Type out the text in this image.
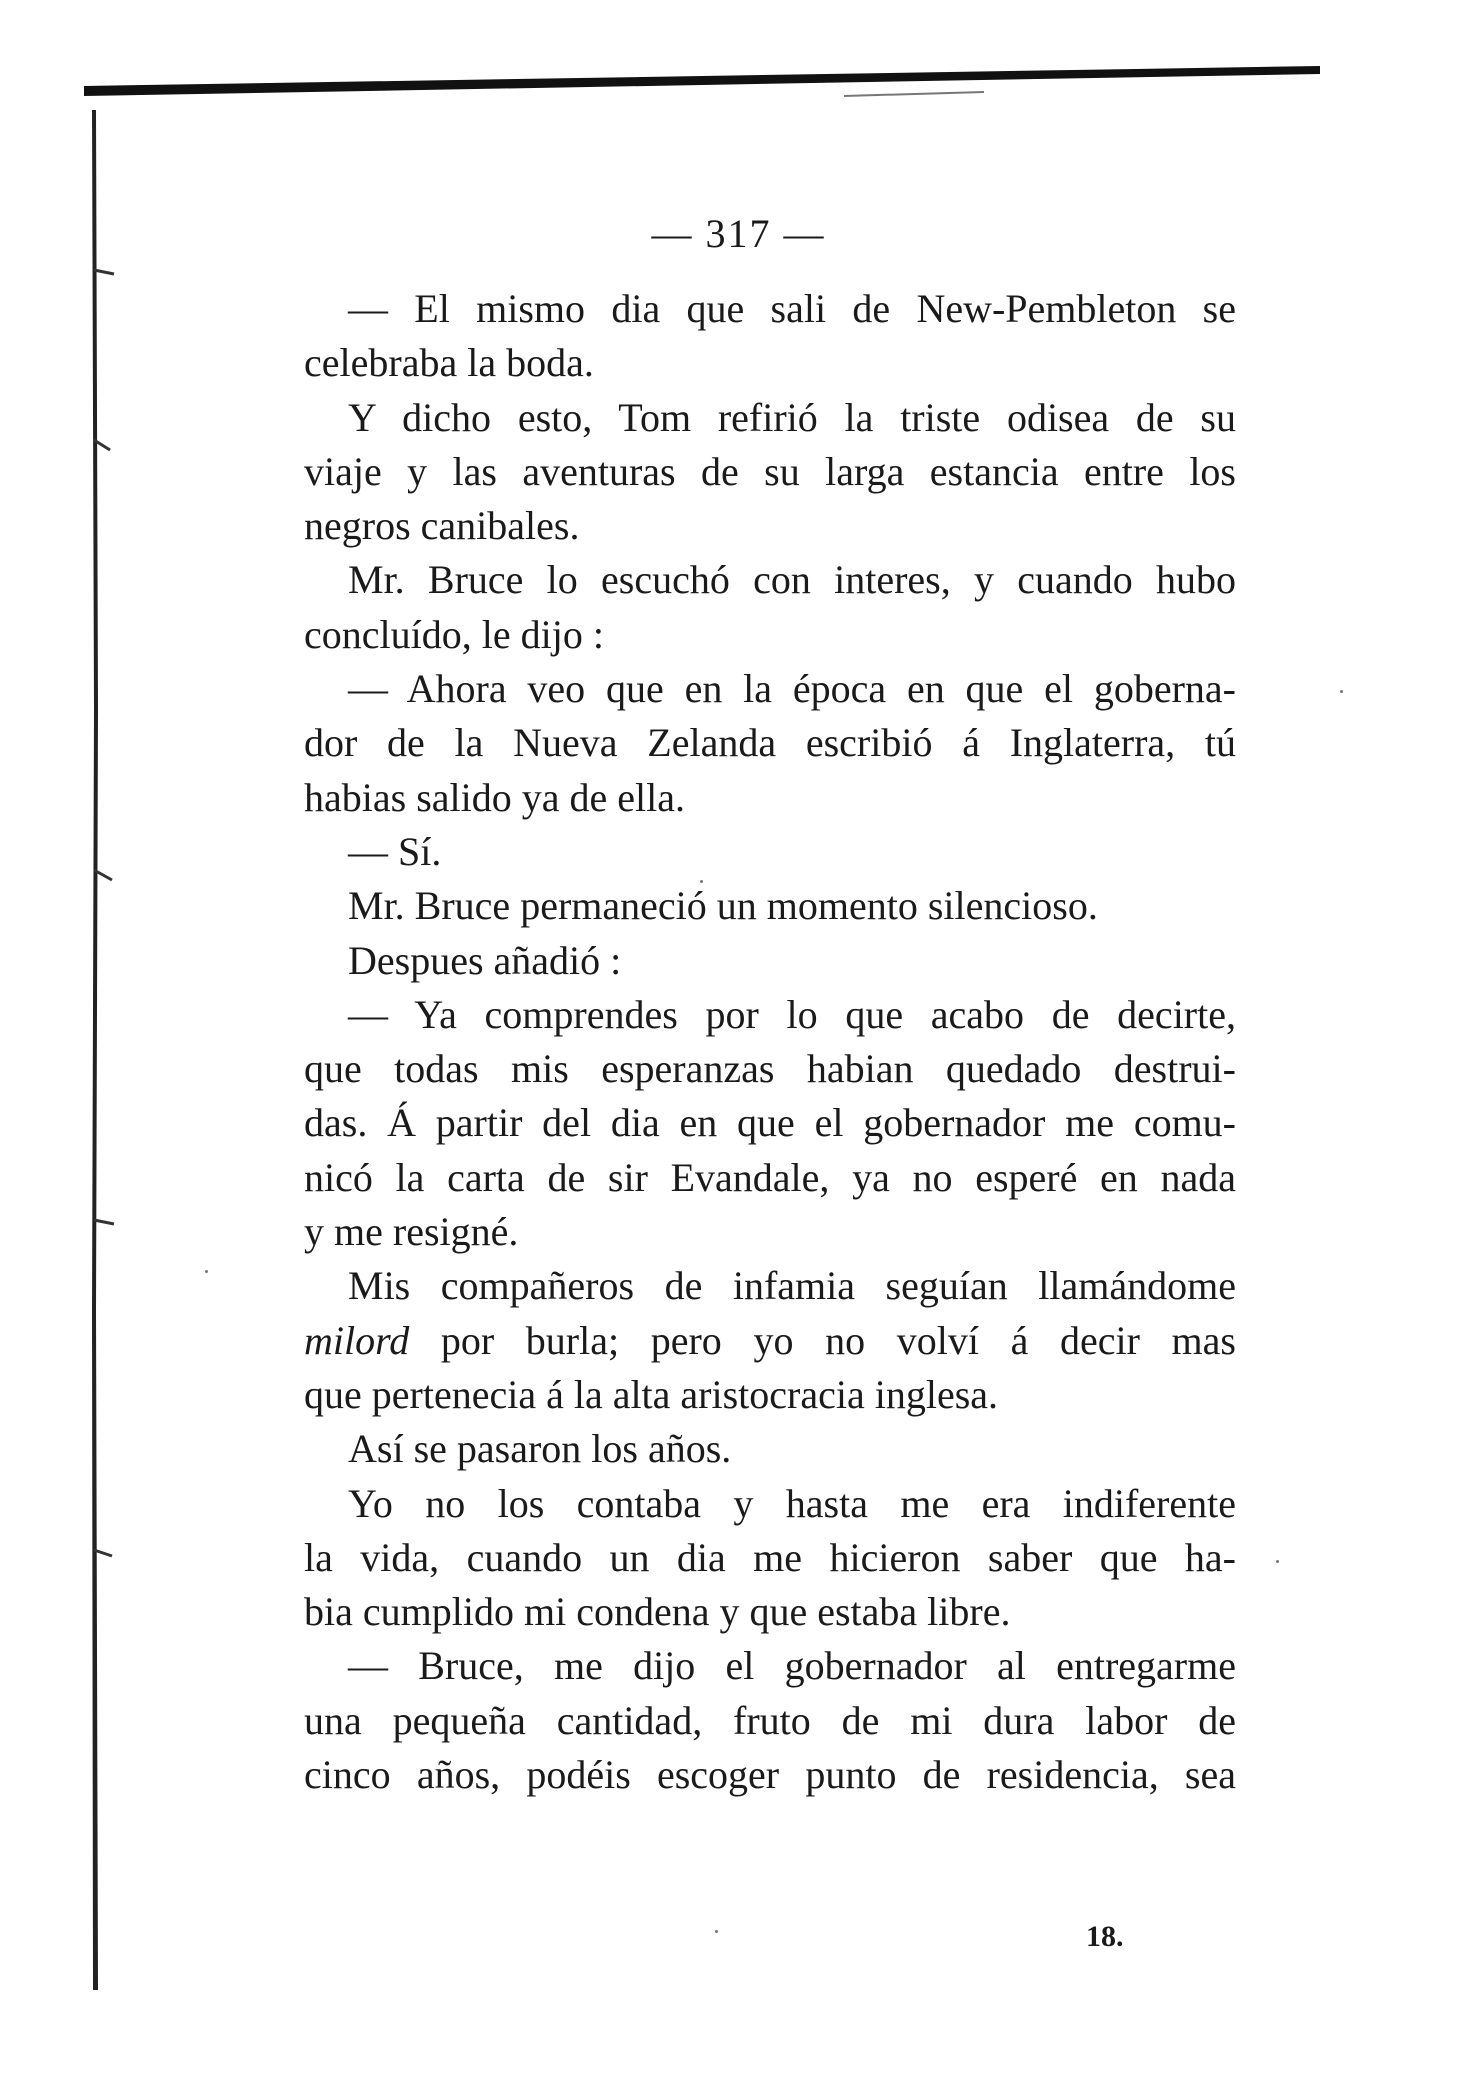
— 317 —
— El mismo dia que sali de New-Pembleton se
celebraba la boda.
Y dicho esto, Tom refirió la triste odisea de su
viaje y las aventuras de su larga estancia entre los
negros canibales.
Mr. Bruce lo escuchó con interes, y cuando hubo
concluído, le dijo :
— Ahora veo que en la época en que el goberna-
dor de la Nueva Zelanda escribió á Inglaterra, tú
habias salido ya de ella.
— Sí.
Mr. Bruce permaneció un momento silencioso.
Despues añadió :
— Ya comprendes por lo que acabo de decirte,
que todas mis esperanzas habian quedado destrui-
das. Á partir del dia en que el gobernador me comu-
nicó la carta de sir Evandale, ya no esperé en nada
y me resigné.
Mis compañeros de infamia seguían llamándome
milord por burla; pero yo no volví á decir mas
que pertenecia á la alta aristocracia inglesa.
Así se pasaron los años.
Yo no los contaba y hasta me era indiferente
la vida, cuando un dia me hicieron saber que ha-
bia cumplido mi condena y que estaba libre.
— Bruce, me dijo el gobernador al entregarme
una pequeña cantidad, fruto de mi dura labor de
cinco años, podéis escoger punto de residencia, sea
18.
